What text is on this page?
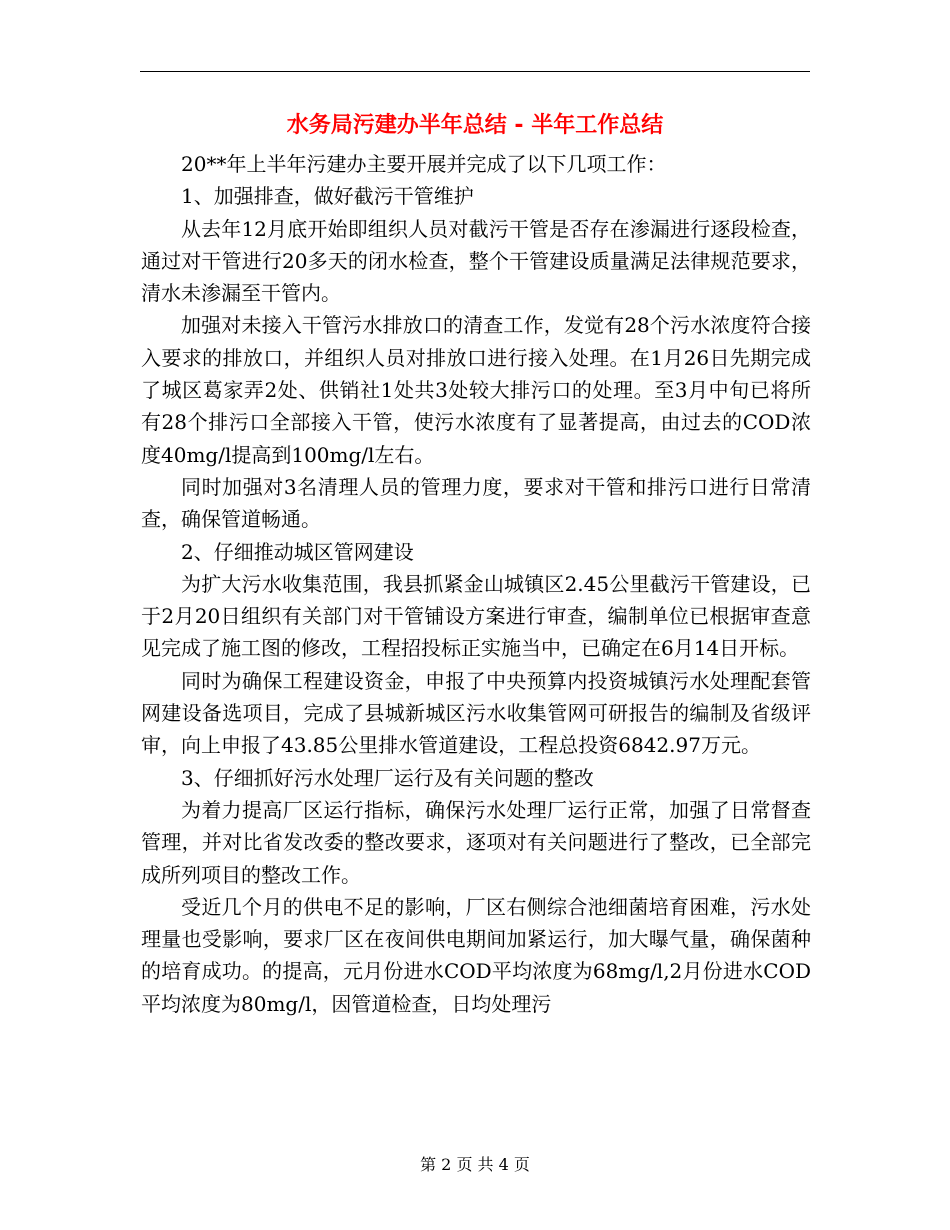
水务局污建办半年总结 - 半年工作总结

20**年上半年污建办主要开展并完成了以下几项工作：

1、加强排查，做好截污干管维护

从去年12月底开始即组织人员对截污干管是否存在渗漏进行逐段检查，通过对干管进行20多天的闭水检查，整个干管建设质量满足法律规范要求，清水未渗漏至干管内。

加强对未接入干管污水排放口的清查工作，发觉有28个污水浓度符合接入要求的排放口，并组织人员对排放口进行接入处理。在1月26日先期完成了城区葛家弄2处、供销社1处共3处较大排污口的处理。至3月中旬已将所有28个排污口全部接入干管，使污水浓度有了显著提高，由过去的COD浓度40mg/l提高到100mg/l左右。

同时加强对3名清理人员的管理力度，要求对干管和排污口进行日常清查，确保管道畅通。

2、仔细推动城区管网建设

为扩大污水收集范围，我县抓紧金山城镇区2.45公里截污干管建设，已于2月20日组织有关部门对干管铺设方案进行审查，编制单位已根据审查意见完成了施工图的修改，工程招投标正实施当中，已确定在6月14日开标。

同时为确保工程建设资金，申报了中央预算内投资城镇污水处理配套管网建设备选项目，完成了县城新城区污水收集管网可研报告的编制及省级评审，向上申报了43.85公里排水管道建设，工程总投资6842.97万元。

3、仔细抓好污水处理厂运行及有关问题的整改

为着力提高厂区运行指标，确保污水处理厂运行正常，加强了日常督查管理，并对比省发改委的整改要求，逐项对有关问题进行了整改，已全部完成所列项目的整改工作。

受近几个月的供电不足的影响，厂区右侧综合池细菌培育困难，污水处理量也受影响，要求厂区在夜间供电期间加紧运行，加大曝气量，确保菌种的培育成功。的提高，元月份进水COD平均浓度为68mg/l,2月份进水COD平均浓度为80mg/l，因管道检查，日均处理污

第 2 页 共 4 页
